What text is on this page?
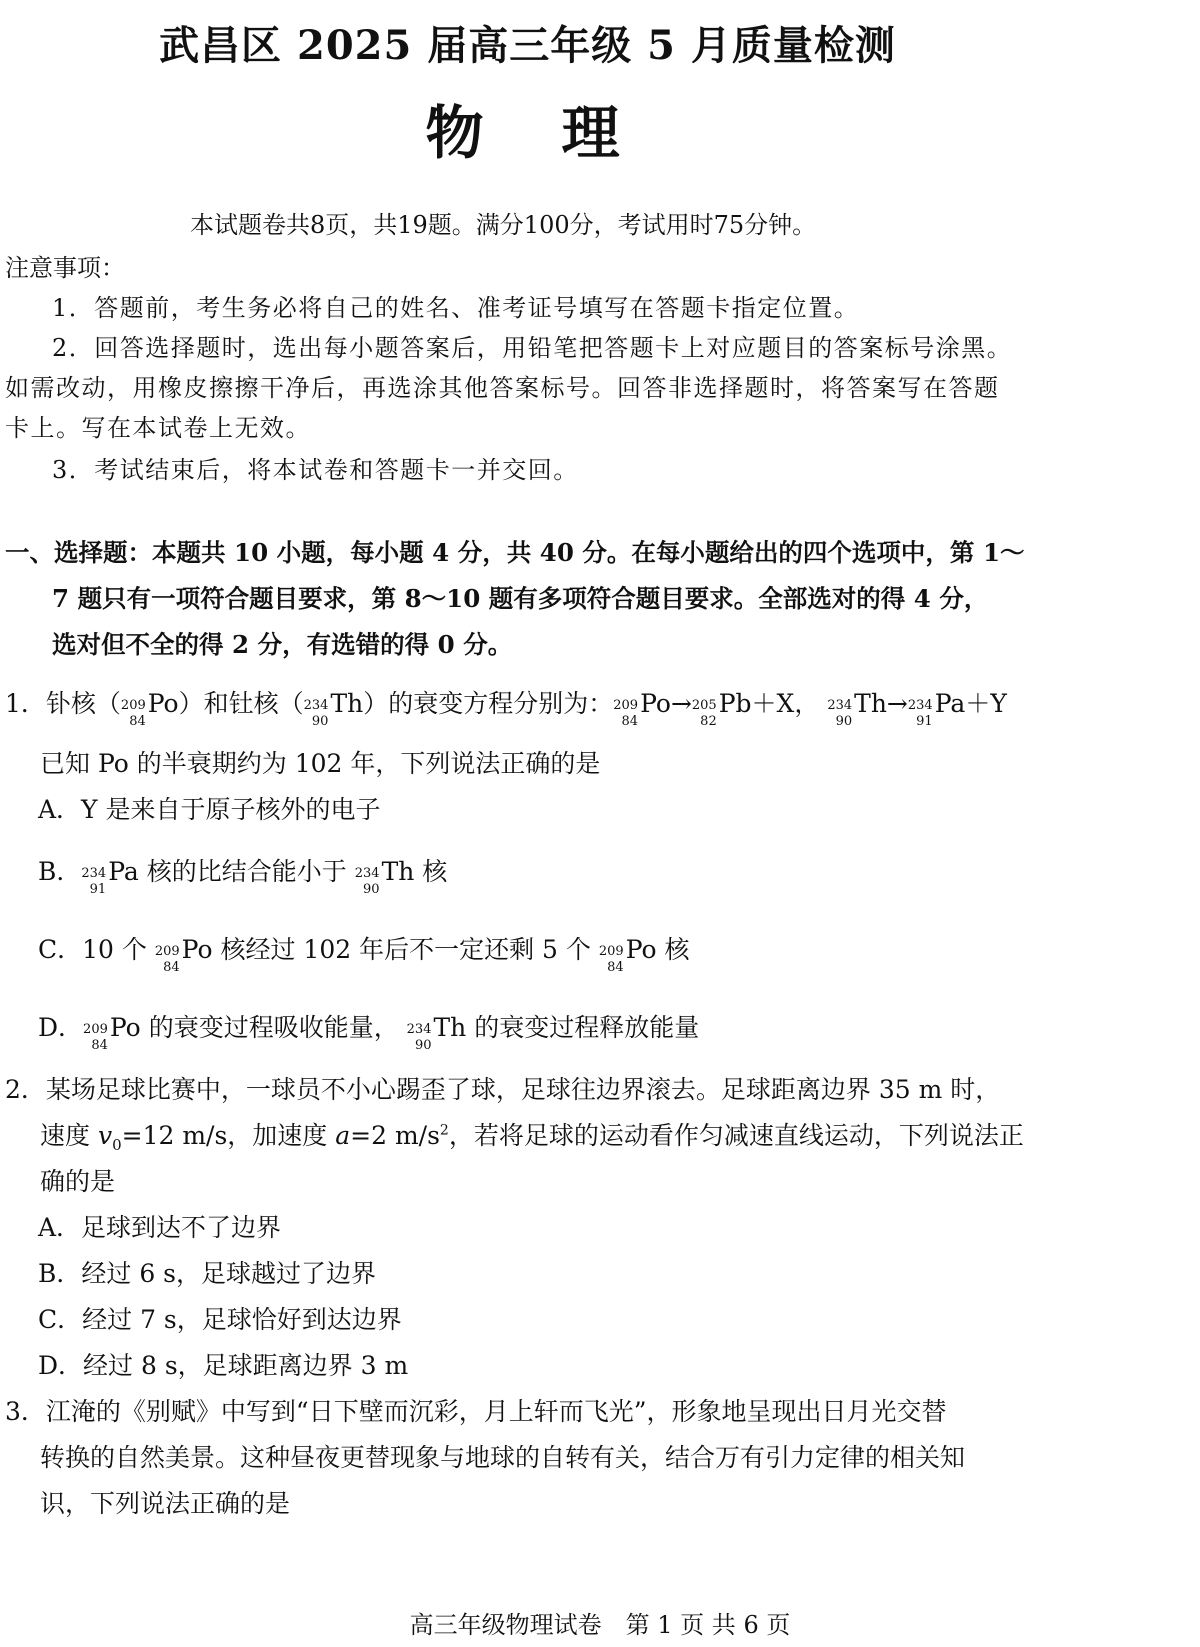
武昌区 2025 届高三年级 5 月质量检测
物　理
本试题卷共8页，共19题。满分100分，考试用时75分钟。
注意事项：
1．答题前，考生务必将自己的姓名、准考证号填写在答题卡指定位置。
2．回答选择题时，选出每小题答案后，用铅笔把答题卡上对应题目的答案标号涂黑。
如需改动，用橡皮擦擦干净后，再选涂其他答案标号。回答非选择题时，将答案写在答题
卡上。写在本试卷上无效。
3．考试结束后，将本试卷和答题卡一并交回。
一、选择题：本题共 10 小题，每小题 4 分，共 40 分。在每小题给出的四个选项中，第 1～
7 题只有一项符合题目要求，第 8～10 题有多项符合题目要求。全部选对的得 4 分，
选对但不全的得 2 分，有选错的得 0 分。
1．钋核（ 209
84
Po）和钍核（ 234
90
Th）的衰变方程分别为： 209
84
Po→ 205
82
Pb＋X， 234
90
Th→ 234
91
Pa＋Y
已知 Po 的半衰期约为 102 年，下列说法正确的是
A．Y 是来自于原子核外的电子
B． 234
91
Pa 核的比结合能小于 234
90
Th 核
C．10 个 209
84
Po 核经过 102 年后不一定还剩 5 个 209
84
Po 核
D． 209
84
Po 的衰变过程吸收能量， 234
90
Th 的衰变过程释放能量
2．某场足球比赛中，一球员不小心踢歪了球，足球往边界滚去。足球距离边界 35 m 时，
速度 $v_0=12$ m/s，加速度 a=2 $m/s^2$，若将足球的运动看作匀减速直线运动，下列说法正
确的是
A．足球到达不了边界
B．经过 6 s，足球越过了边界
C．经过 7 s，足球恰好到达边界
D．经过 8 s，足球距离边界 3 m
3．江淹的《别赋》中写到“日下壁而沉彩，月上轩而飞光”，形象地呈现出日月光交替
转换的自然美景。这种昼夜更替现象与地球的自转有关，结合万有引力定律的相关知
识，下列说法正确的是
高三年级物理试卷　第 1 页 共 6 页
